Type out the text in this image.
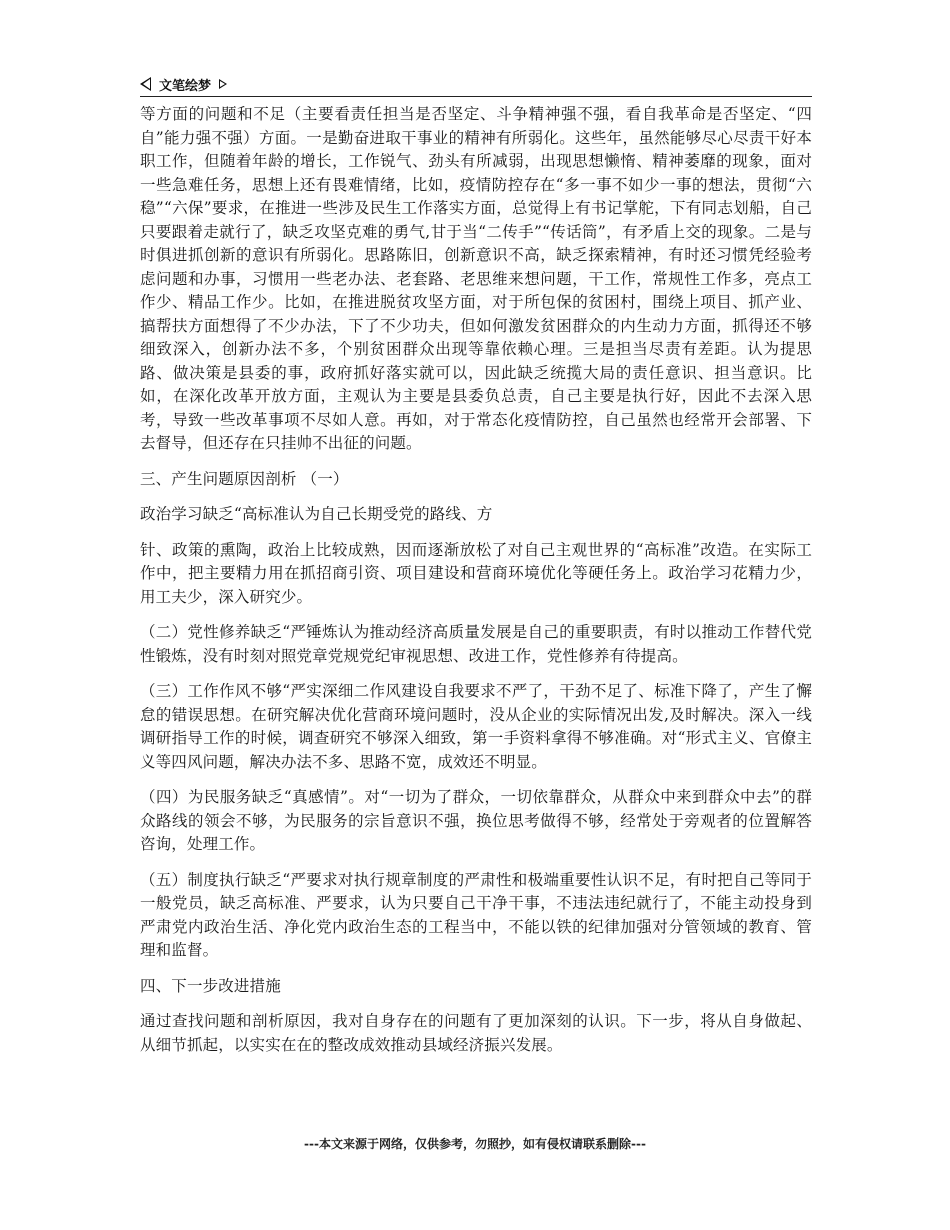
文笔绘梦

等方面的问题和不足（主要看责任担当是否坚定、斗争精神强不强，看自我革命是否坚定、“四自”能力强不强）方面。一是勤奋进取干事业的精神有所弱化。这些年，虽然能够尽心尽责干好本职工作，但随着年龄的增长，工作锐气、劲头有所减弱，出现思想懒惰、精神萎靡的现象，面对一些急难任务，思想上还有畏难情绪，比如，疫情防控存在“多一事不如少一事的想法，贯彻“六稳”“六保”要求，在推进一些涉及民生工作落实方面，总觉得上有书记掌舵，下有同志划船，自己只要跟着走就行了，缺乏攻坚克难的勇气,甘于当“二传手”“传话筒”，有矛盾上交的现象。二是与时俱进抓创新的意识有所弱化。思路陈旧，创新意识不高，缺乏探索精神，有时还习惯凭经验考虑问题和办事，习惯用一些老办法、老套路、老思维来想问题，干工作，常规性工作多，亮点工作少、精品工作少。比如，在推进脱贫攻坚方面，对于所包保的贫困村，围绕上项目、抓产业、搞帮扶方面想得了不少办法，下了不少功夫，但如何激发贫困群众的内生动力方面，抓得还不够细致深入，创新办法不多，个别贫困群众出现等靠依赖心理。三是担当尽责有差距。认为提思路、做决策是县委的事，政府抓好落实就可以，因此缺乏统揽大局的责任意识、担当意识。比如，在深化改革开放方面，主观认为主要是县委负总责，自己主要是执行好，因此不去深入思考，导致一些改革事项不尽如人意。再如，对于常态化疫情防控，自己虽然也经常开会部署、下去督导，但还存在只挂帅不出征的问题。

三、产生问题原因剖析 （一）

政治学习缺乏“高标准认为自己长期受党的路线、方

针、政策的熏陶，政治上比较成熟，因而逐渐放松了对自己主观世界的“高标准”改造。在实际工作中，把主要精力用在抓招商引资、项目建设和营商环境优化等硬任务上。政治学习花精力少，用工夫少，深入研究少。

（二）党性修养缺乏“严锤炼认为推动经济高质量发展是自己的重要职责，有时以推动工作替代党性锻炼，没有时刻对照党章党规党纪审视思想、改进工作，党性修养有待提高。

（三）工作作风不够“严实深细二作风建设自我要求不严了，干劲不足了、标准下降了，产生了懈怠的错误思想。在研究解决优化营商环境问题时，没从企业的实际情况出发,及时解决。深入一线调研指导工作的时候，调查研究不够深入细致，第一手资料拿得不够准确。对“形式主义、官僚主义等四风问题，解决办法不多、思路不宽，成效还不明显。

（四）为民服务缺乏“真感情”。对“一切为了群众，一切依靠群众，从群众中来到群众中去”的群众路线的领会不够，为民服务的宗旨意识不强，换位思考做得不够，经常处于旁观者的位置解答咨询，处理工作。

（五）制度执行缺乏“严要求对执行规章制度的严肃性和极端重要性认识不足，有时把自己等同于一般党员，缺乏高标准、严要求，认为只要自己干净干事，不违法违纪就行了，不能主动投身到严肃党内政治生活、净化党内政治生态的工程当中，不能以铁的纪律加强对分管领域的教育、管理和监督。

四、下一步改进措施

通过查找问题和剖析原因，我对自身存在的问题有了更加深刻的认识。下一步，将从自身做起、从细节抓起，以实实在在的整改成效推动县域经济振兴发展。

---本文来源于网络，仅供参考，勿照抄，如有侵权请联系删除---
